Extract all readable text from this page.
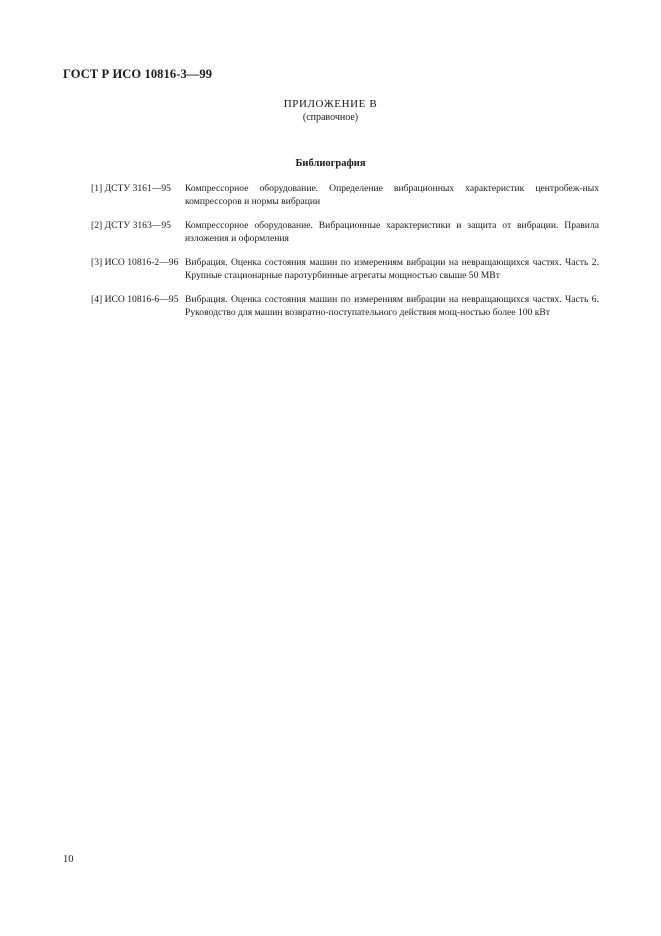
ГОСТ Р ИСО 10816-3—99
ПРИЛОЖЕНИЕ В
(справочное)
Библиография
[1] ДСТУ 3161—95 Компрессорное оборудование. Определение вибрационных характеристик центробеж-ных компрессоров и нормы вибрации
[2] ДСТУ 3163—95 Компрессорное оборудование. Вибрационные характеристики и защита от вибрации. Правила изложения и оформления
[3] ИСО 10816-2—96 Вибрация. Оценка состояния машин по измерениям вибрации на невращающихся частях. Часть 2. Крупные стационарные паротурбинные агрегаты мощностью свыше 50 МВт
[4] ИСО 10816-6—95 Вибрация. Оценка состояния машин по измерениям вибрации на невращающихся частях. Часть 6. Руководство для машин возвратно-поступательного действия мощ-ностью более 100 кВт
10
